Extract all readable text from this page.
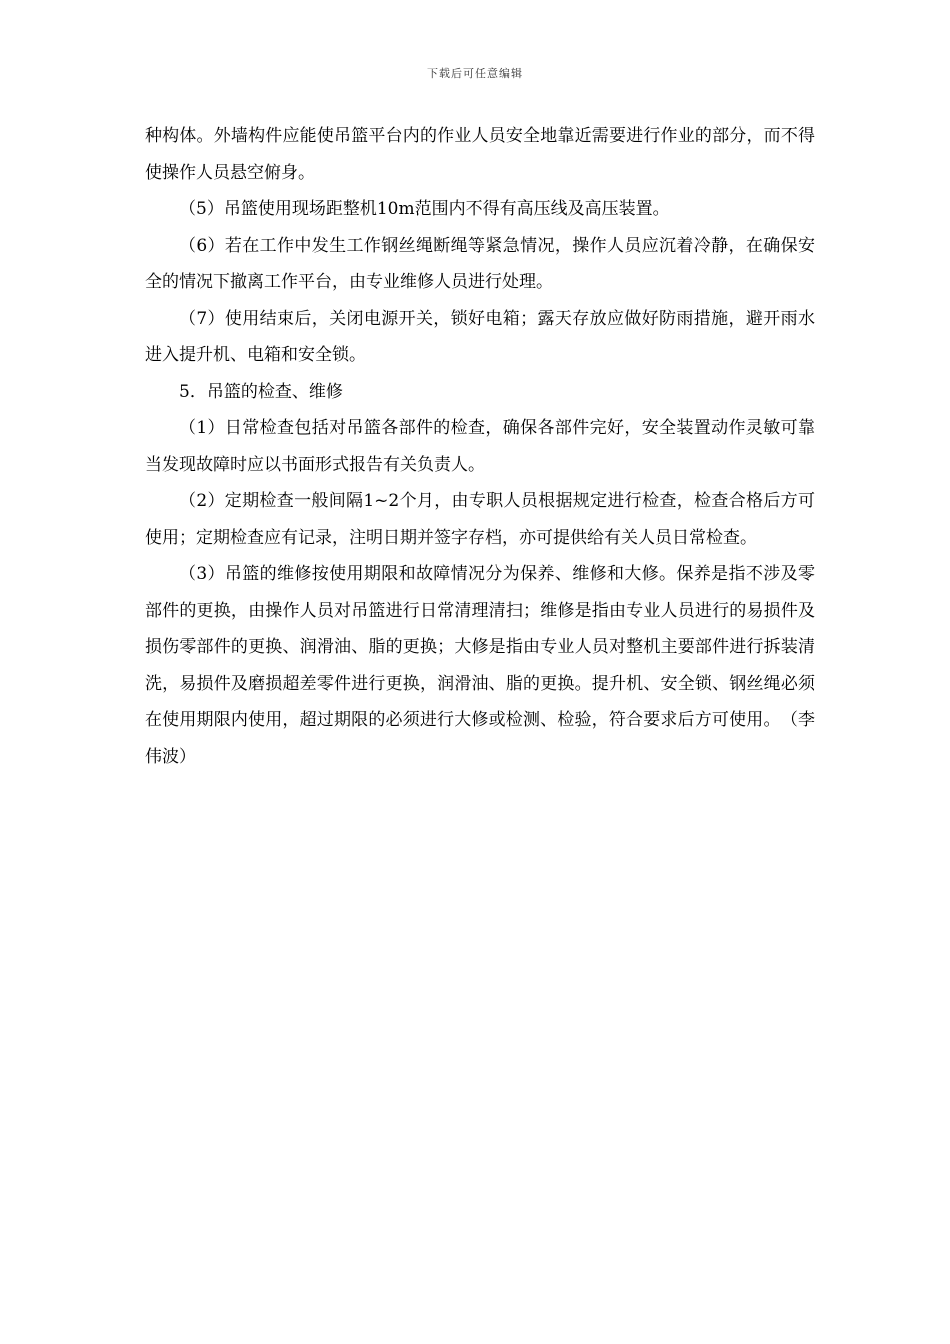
下载后可任意编辑

种构体。外墙构件应能使吊篮平台内的作业人员安全地靠近需要进行作业的部分，而不得使操作人员悬空俯身。

（5）吊篮使用现场距整机10m范围内不得有高压线及高压装置。

（6）若在工作中发生工作钢丝绳断绳等紧急情况，操作人员应沉着冷静，在确保安全的情况下撤离工作平台，由专业维修人员进行处理。

（7）使用结束后，关闭电源开关，锁好电箱；露天存放应做好防雨措施，避开雨水进入提升机、电箱和安全锁。

5．吊篮的检查、维修

（1）日常检查包括对吊篮各部件的检查，确保各部件完好，安全装置动作灵敏可靠当发现故障时应以书面形式报告有关负责人。

（2）定期检查一般间隔1~2个月，由专职人员根据规定进行检查，检查合格后方可使用；定期检查应有记录，注明日期并签字存档，亦可提供给有关人员日常检查。

（3）吊篮的维修按使用期限和故障情况分为保养、维修和大修。保养是指不涉及零部件的更换，由操作人员对吊篮进行日常清理清扫；维修是指由专业人员进行的易损件及损伤零部件的更换、润滑油、脂的更换；大修是指由专业人员对整机主要部件进行拆装清洗，易损件及磨损超差零件进行更换，润滑油、脂的更换。提升机、安全锁、钢丝绳必须在使用期限内使用，超过期限的必须进行大修或检测、检验，符合要求后方可使用。　（李伟波）
